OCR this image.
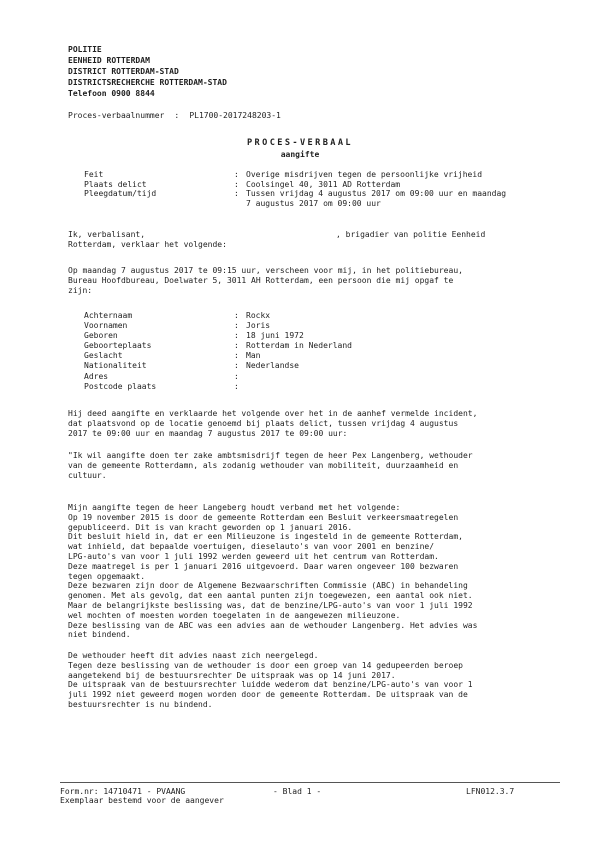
POLITIE
EENHEID ROTTERDAM
DISTRICT ROTTERDAM-STAD
DISTRICTSRECHERCHE ROTTERDAM-STAD
Telefoon 0900 8844
Proces-verbaalnummer : PL1700-2017248203-1
PROCES-VERBAAL
aangifte
Feit	: Overige misdrijven tegen de persoonlijke vrijheid
Plaats delict	: Coolsingel 40, 3011 AD Rotterdam
Pleegdatum/tijd	: Tussen vrijdag 4 augustus 2017 om 09:00 uur en maandag
7 augustus 2017 om 09:00 uur
Ik, verbalisant,	, brigadier van politie Eenheid
Rotterdam, verklaar het volgende:
Op maandag 7 augustus 2017 te 09:15 uur, verscheen voor mij, in het politiebureau,
Bureau Hoofdbureau, Doelwater 5, 3011 AH Rotterdam, een persoon die mij opgaf te
zijn:
Achternaam	: Rockx
Voornamen	: Joris
Geboren	: 18 juni 1972
Geboorteplaats	: Rotterdam in Nederland
Geslacht	: Man
Nationaliteit	: Nederlandse
Adres	:
Postcode plaats	:
Hij deed aangifte en verklaarde het volgende over het in de aanhef vermelde incident,
dat plaatsvond op de locatie genoemd bij plaats delict, tussen vrijdag 4 augustus
2017 te 09:00 uur en maandag 7 augustus 2017 te 09:00 uur:
"Ik wil aangifte doen ter zake ambtsmisdrijf tegen de heer Pex Langenberg, wethouder
van de gemeente Rotterdamn, als zodanig wethouder van mobiliteit, duurzaamheid en
cultuur.
Mijn aangifte tegen de heer Langeberg houdt verband met het volgende:
Op 19 november 2015 is door de gemeente Rotterdam een Besluit verkeersmaatregelen
gepubliceerd. Dit is van kracht geworden op 1 januari 2016.
Dit besluit hield in, dat er een Milieuzone is ingesteld in de gemeente Rotterdam,
wat inhield, dat bepaalde voertuigen, dieselauto's van voor 2001 en benzine/
LPG-auto's van voor 1 juli 1992 werden geweerd uit het centrum van Rotterdam.
Deze maatregel is per 1 januari 2016 uitgevoerd. Daar waren ongeveer 100 bezwaren
tegen opgemaakt.
Deze bezwaren zijn door de Algemene Bezwaarschriften Commissie (ABC) in behandeling
genomen. Met als gevolg, dat een aantal punten zijn toegewezen, een aantal ook niet.
Maar de belangrijkste beslissing was, dat de benzine/LPG-auto's van voor 1 juli 1992
wel mochten of moesten worden toegelaten in de aangewezen milieuzone.
Deze beslissing van de ABC was een advies aan de wethouder Langenberg. Het advies was
niet bindend.
De wethouder heeft dit advies naast zich neergelegd.
Tegen deze beslissing van de wethouder is door een groep van 14 gedupeerden beroep
aangetekend bij de bestuursrechter De uitspraak was op 14 juni 2017.
De uitspraak van de bestuursrechter luidde wederom dat benzine/LPG-auto's van voor 1
juli 1992 niet geweerd mogen worden door de gemeente Rotterdam. De uitspraak van de
bestuursrechter is nu bindend.
Form.nr: 14710471 - PVAANG	- Blad 1 -	LFN012.3.7
Exemplaar bestemd voor de aangever
